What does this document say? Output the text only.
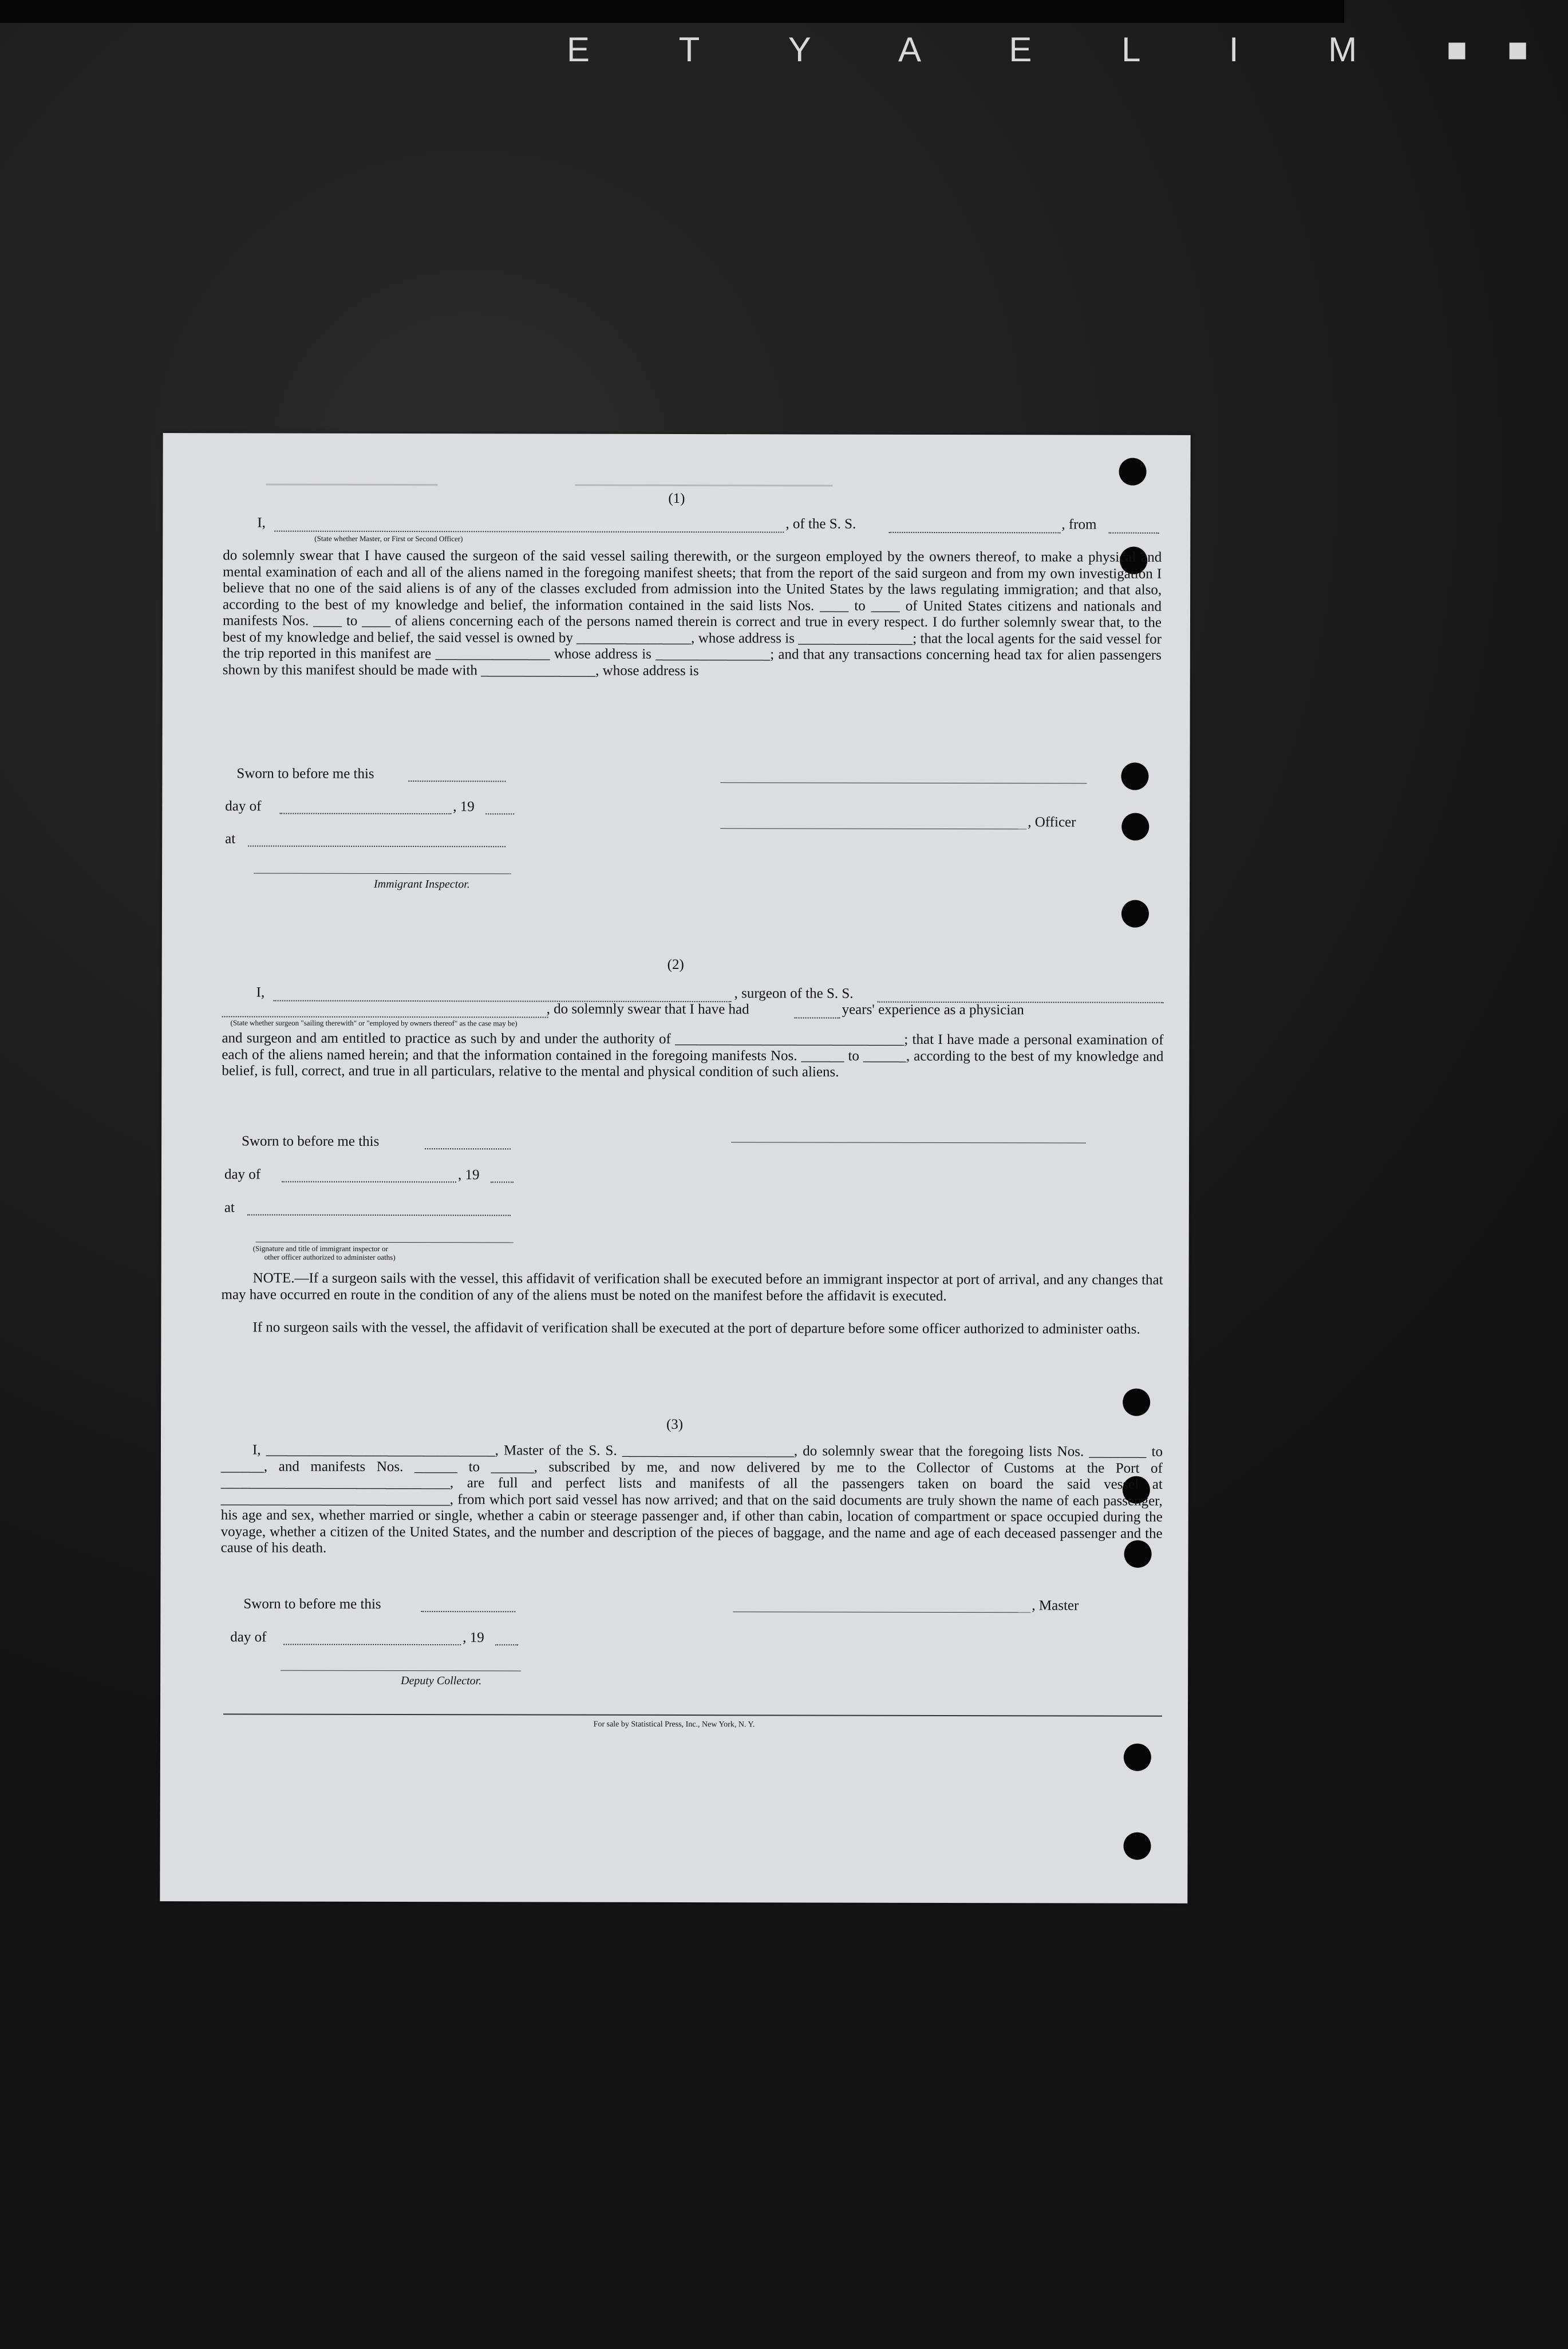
E T Y A E L I M ■■
(1)
I,	, of the S. S.	, from
(State whether Master, or First or Second Officer)
do solemnly swear that I have caused the surgeon of the said vessel sailing therewith, or the surgeon employed by the owners thereof, to make a physical and mental examination of each and all of the aliens named in the foregoing manifest sheets; that from the report of the said surgeon and from my own investigation I believe that no one of the said aliens is of any of the classes excluded from admission into the United States by the laws regulating immigration; and that also, according to the best of my knowledge and belief, the information contained in the said lists Nos. ____ to ____ of United States citizens and nationals and manifests Nos. ____ to ____ of aliens concerning each of the persons named therein is correct and true in every respect. I do further solemnly swear that, to the best of my knowledge and belief, the said vessel is owned by ________________, whose address is ________________; that the local agents for the said vessel for the trip reported in this manifest are ________________ whose address is ________________; and that any transactions concerning head tax for alien passengers shown by this manifest should be made with ________________, whose address is
Sworn to before me this
day of	, 19
at
Immigrant Inspector.
, Officer
(2)
I,	, surgeon of the S. S.
, do solemnly swear that I have had	years' experience as a physician
(State whether surgeon "sailing therewith" or "employed by owners thereof" as the case may be)
and surgeon and am entitled to practice as such by and under the authority of ________________________________; that I have made a personal examination of each of the aliens named herein; and that the information contained in the foregoing manifests Nos. ______ to ______, according to the best of my knowledge and belief, is full, correct, and true in all particulars, relative to the mental and physical condition of such aliens.
Sworn to before me this
day of	, 19
at
(Signature and title of immigrant inspector or
other officer authorized to administer oaths)
NOTE.—If a surgeon sails with the vessel, this affidavit of verification shall be executed before an immigrant inspector at port of arrival, and any changes that may have occurred en route in the condition of any of the aliens must be noted on the manifest before the affidavit is executed.
If no surgeon sails with the vessel, the affidavit of verification shall be executed at the port of departure before some officer authorized to administer oaths.
(3)
I, ________________________________, Master of the S. S. ________________________, do solemnly swear that the foregoing lists Nos. ________ to ______, and manifests Nos. ______ to ______, subscribed by me, and now delivered by me to the Collector of Customs at the Port of ________________________________, are full and perfect lists and manifests of all the passengers taken on board the said vessel at ________________________________, from which port said vessel has now arrived; and that on the said documents are truly shown the name of each passenger, his age and sex, whether married or single, whether a cabin or steerage passenger and, if other than cabin, location of compartment or space occupied during the voyage, whether a citizen of the United States, and the number and description of the pieces of baggage, and the name and age of each deceased passenger and the cause of his death.
Sworn to before me this
day of	, 19
Deputy Collector.
, Master
For sale by Statistical Press, Inc., New York, N. Y.
